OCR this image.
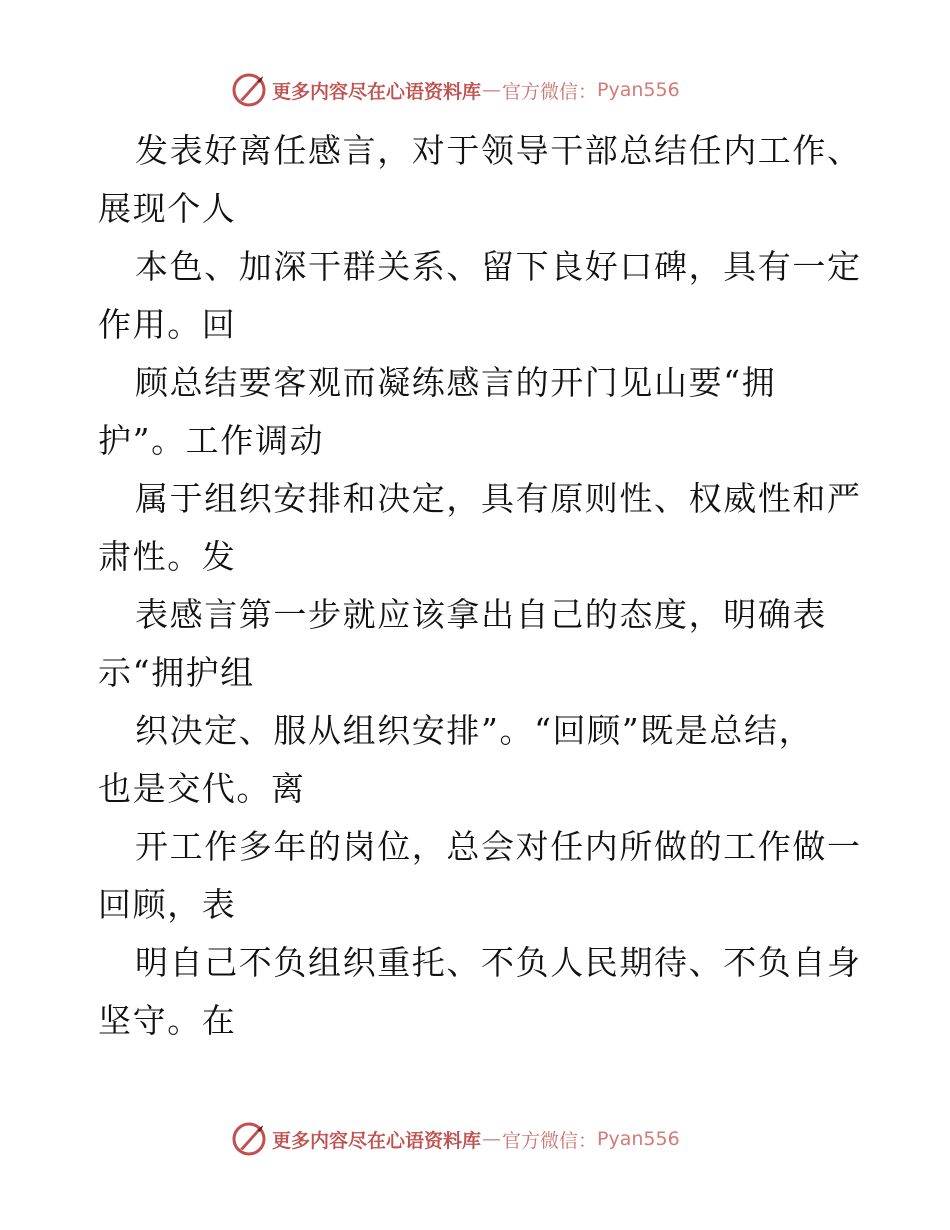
更多内容尽在心语资料库 — 官方微信： Pyan556
发表好离任感言，对于领导干部总结任内工作、
展现个人
本色、加深干群关系、留下良好口碑，具有一定
作用。回
顾总结要客观而凝练感言的开门见山要“拥
护”。工作调动
属于组织安排和决定，具有原则性、权威性和严
肃性。发
表感言第一步就应该拿出自己的态度，明确表
示“拥护组
织决定、服从组织安排”。“回顾”既是总结，
也是交代。离
开工作多年的岗位，总会对任内所做的工作做一
回顾，表
明自己不负组织重托、不负人民期待、不负自身
坚守。在
更多内容尽在心语资料库 — 官方微信： Pyan556
